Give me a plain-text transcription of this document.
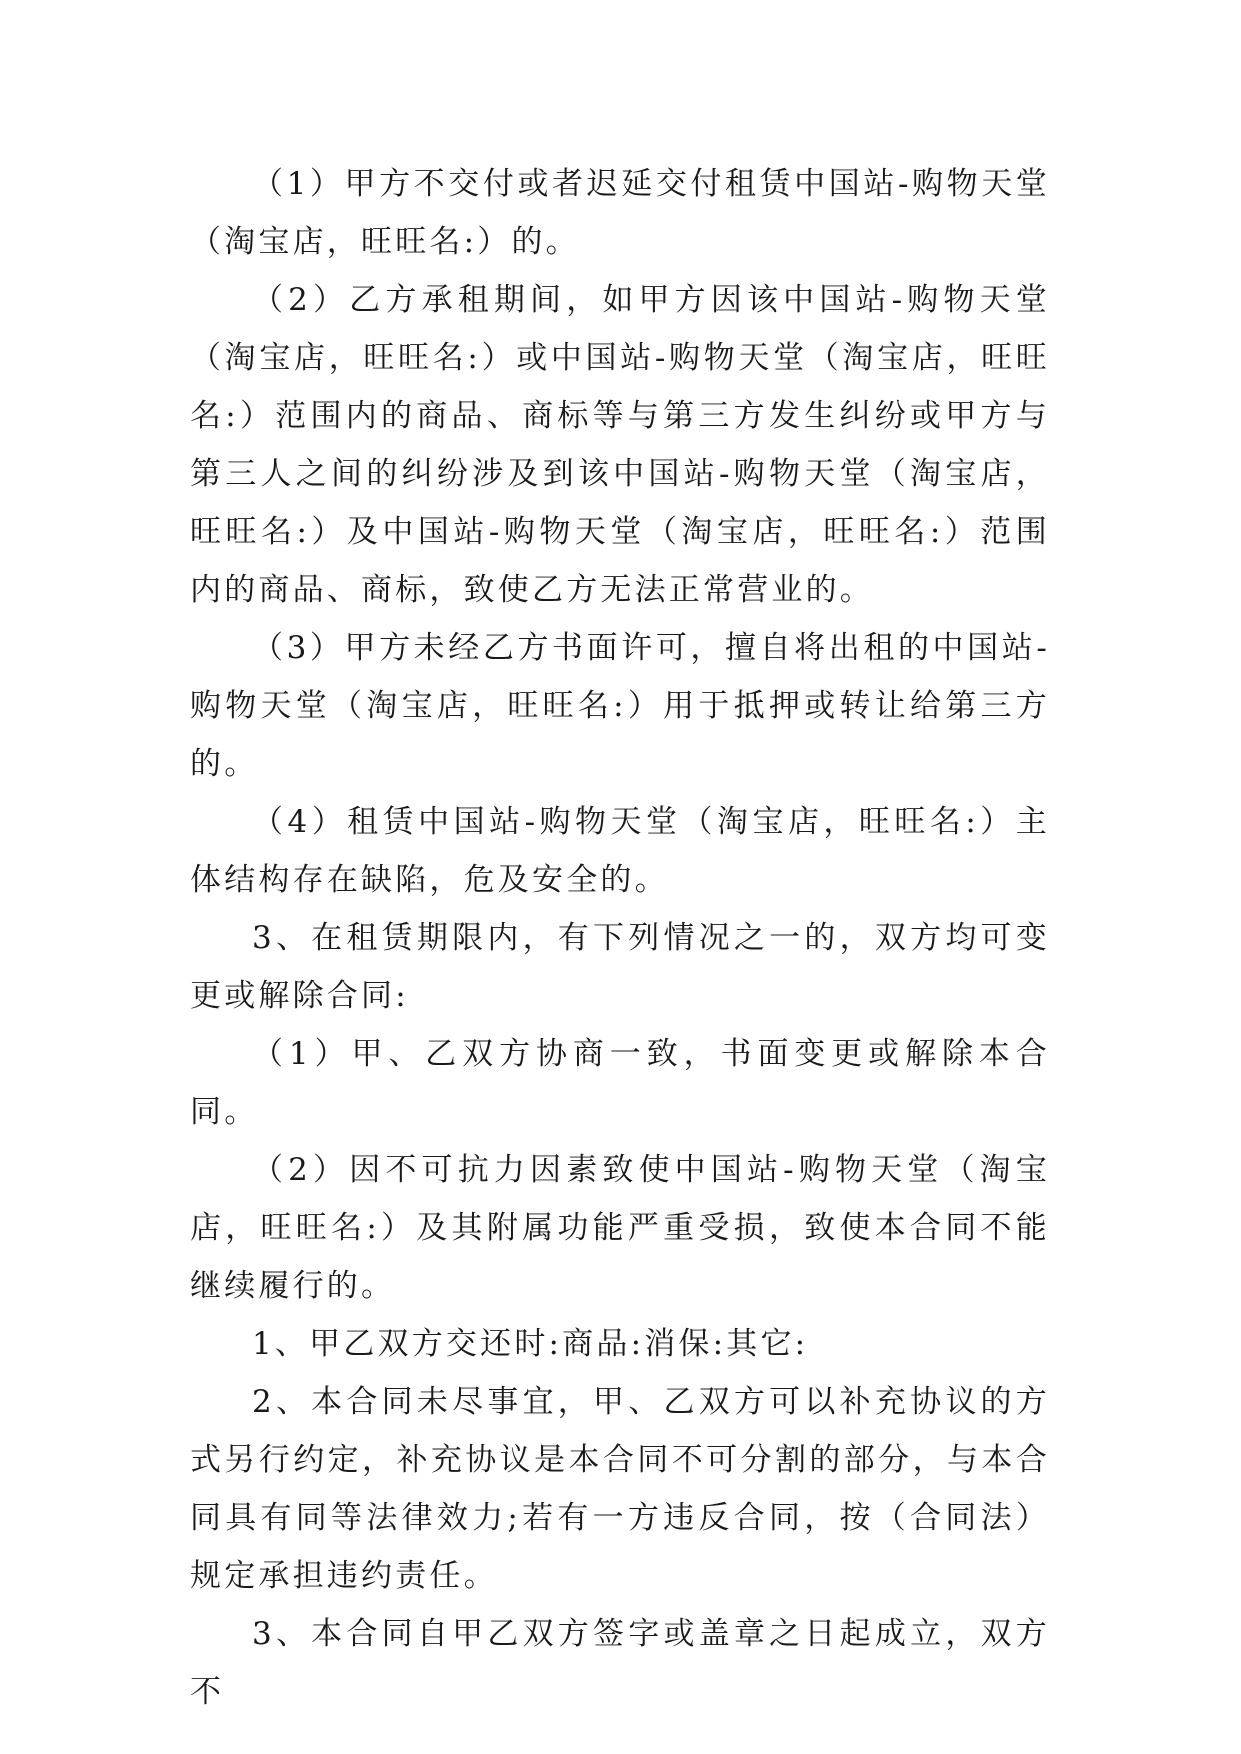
（1）甲方不交付或者迟延交付租赁中国站-购物天堂（淘宝店，旺旺名:）的。

（2）乙方承租期间，如甲方因该中国站-购物天堂（淘宝店，旺旺名:）或中国站-购物天堂（淘宝店，旺旺名:）范围内的商品、商标等与第三方发生纠纷或甲方与第三人之间的纠纷涉及到该中国站-购物天堂（淘宝店，旺旺名:）及中国站-购物天堂（淘宝店，旺旺名:）范围内的商品、商标，致使乙方无法正常营业的。

（3）甲方未经乙方书面许可，擅自将出租的中国站-购物天堂（淘宝店，旺旺名:）用于抵押或转让给第三方的。

（4）租赁中国站-购物天堂（淘宝店，旺旺名:）主体结构存在缺陷，危及安全的。

3、在租赁期限内，有下列情况之一的，双方均可变更或解除合同:

（1）甲、乙双方协商一致，书面变更或解除本合同。

（2）因不可抗力因素致使中国站-购物天堂（淘宝店，旺旺名:）及其附属功能严重受损，致使本合同不能继续履行的。

1、甲乙双方交还时:商品:消保:其它:

2、本合同未尽事宜，甲、乙双方可以补充协议的方式另行约定，补充协议是本合同不可分割的部分，与本合同具有同等法律效力;若有一方违反合同，按（合同法）规定承担违约责任。

3、本合同自甲乙双方签字或盖章之日起成立，双方不
